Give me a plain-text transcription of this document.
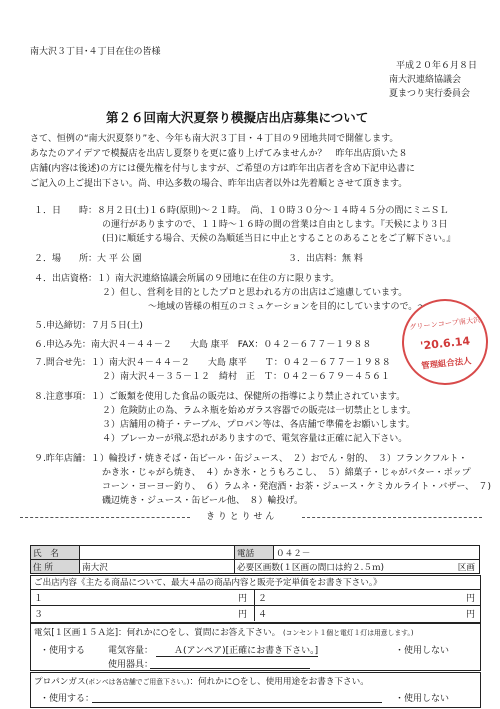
南大沢３丁目･４丁目在住の皆様
平成２０年６月８日
南大沢連絡協議会
夏まつり実行委員会
第２６回南大沢夏祭り模擬店出店募集について
さて、恒例の“南大沢夏祭り”を、今年も南大沢３丁目・４丁目の９団地共同で開催します。
あなたのアイデアで模擬店を出店し夏祭りを更に盛り上げてみませんか？　昨年出店頂いた８
店舗(内容は後述)の方には優先権を付与しますが、ご希望の方は昨年出店者を含め下記申込書に
ご記入の上ご提出下さい。尚、申込多数の場合、昨年出店者以外は先着順とさせて頂きます。
１．日　　時：８月２日(土)１６時(原則)～２１時。　尚、１０時３０分～１４時４５分の間にミニＳＬ
の運行がありますので、１１時～１６時の間の営業は自由とします。『天候により３日
(日)に順延する場合、天候の為順延当日に中止とすることのあることをご了解下さい。』
２．場　　所：大 平 公 園	３．出店料：無 料
４．出店資格：１）南大沢連絡協議会所属の９団地に在住の方に限ります。
２）但し、営利を目的としたプロと思われる方の出店はご遠慮しています。
～地域の皆様の相互のコミュケーションを目的にしていますので。～
５.申込締切：７月５日(土)
６.申込み先：南大沢４－４４－２　　大島 康平　FAX：０４２－６７７－１９８８
７.問合せ先：１）南大沢４－４４－２　　大島 康平　　Ｔ：０４２－６７７－１９８８
２）南大沢４－３５－１２　綺村　正　Ｔ：０４２－６７９－４５６１
８.注意事項：１）ご飯類を使用した食品の販売は、保健所の指導により禁止されています。
２）危険防止の為、ラムネ瓶を始めガラス容器での販売は一切禁止とします。
３）店舗用の椅子・テーブル、プロパン等は、各店舗で準備をお願いします。
４）ブレーカーが飛ぶ恐れがありますので、電気容量は正確に記入下さい。
９.昨年店舗：１）輪投げ・焼きそば・缶ビール・缶ジュース、　２）おでん・射的、　３）フランクフルト・
かき氷・じゃがら焼き、　４）かき氷・とうもろこし、　５）綿菓子・じゃがバター・ポップ
コーン・ヨーヨー釣り、　６）ラムネ・発泡酒・お茶・ジュース・ケミカルライト・バザー、　７)
磯辺焼き・ジュース・缶ビール他、　８）輪投げ。
グリーンコープ南大沢
'20.6.14
管理組合法人
き り と り せ ん
氏　名		電話	０４２－
住 所	南大沢	必要区画数(１区画の間口は約２.５ｍ) 区画	
ご出店内容《主たる商品について、最大４品の商品内容と販売予定単価をお書き下さい。》
１	円 ２	円
３	円 ４	円
電気[１区画１５Ａ迄]：何れかに○をし、質問にお答え下さい。 (コンセント１個と電灯１灯は用意します。)
・使用する	電気容量：	Ａ(アンペア)[正確にお書き下さい。]	・使用しない
使用器具：
プロパンガス(ボンベは各店舗でご用意下さい。)：何れかに○をし、使用用途をお書き下さい。
・使用する：	・使用しない
